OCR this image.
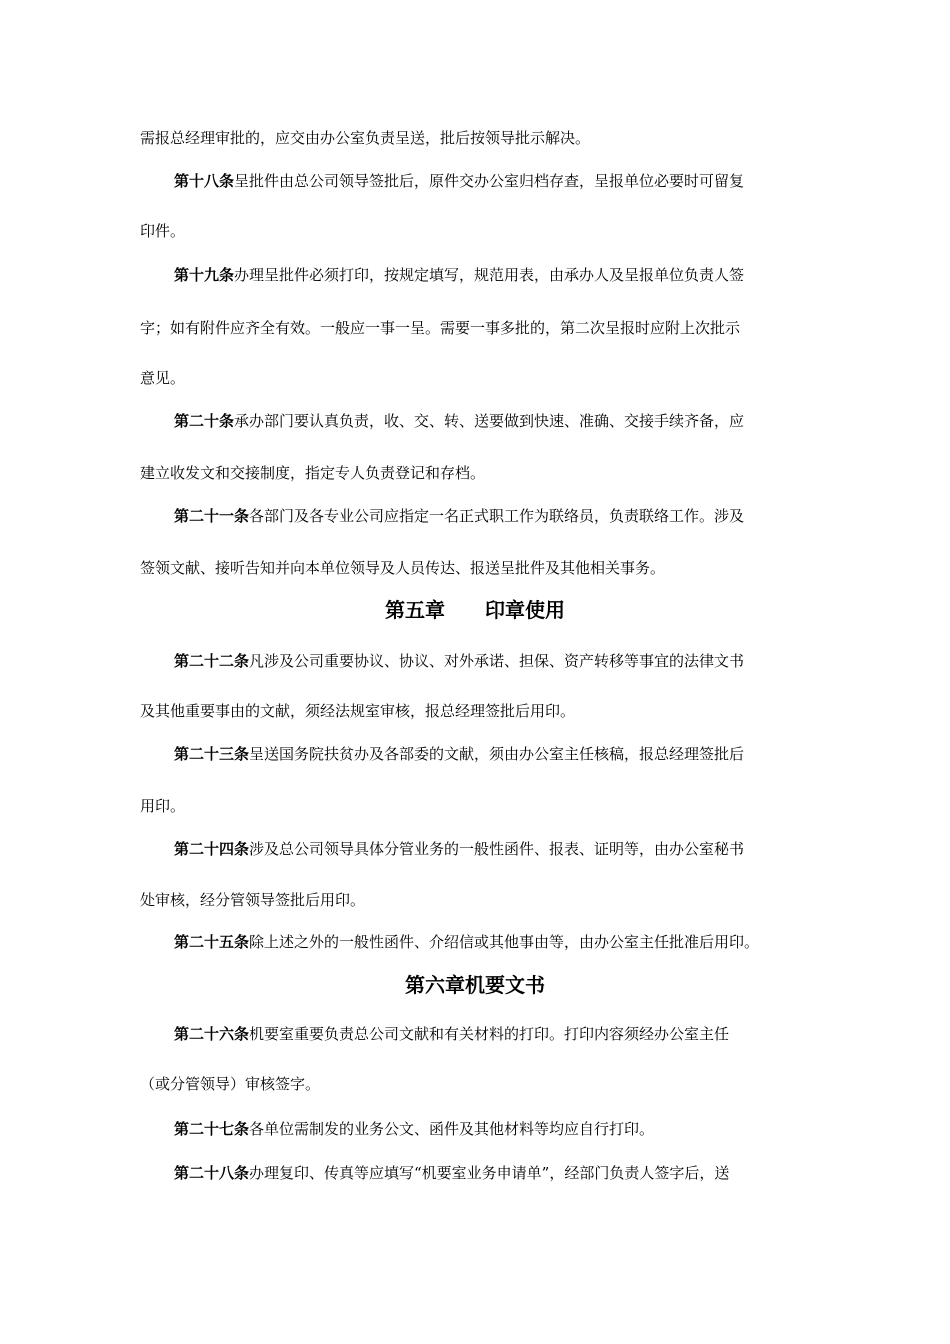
需报总经理审批的，应交由办公室负责呈送，批后按领导批示解决。
第十八条呈批件由总公司领导签批后，原件交办公室归档存查，呈报单位必要时可留复
印件。
第十九条办理呈批件必须打印，按规定填写，规范用表，由承办人及呈报单位负责人签
字；如有附件应齐全有效。一般应一事一呈。需要一事多批的，第二次呈报时应附上次批示
意见。
第二十条承办部门要认真负责，收、交、转、送要做到快速、准确、交接手续齐备，应
建立收发文和交接制度，指定专人负责登记和存档。
第二十一条各部门及各专业公司应指定一名正式职工作为联络员，负责联络工作。涉及
签领文献、接听告知并向本单位领导及人员传达、报送呈批件及其他相关事务。
第五章　　印章使用
第二十二条凡涉及公司重要协议、协议、对外承诺、担保、资产转移等事宜的法律文书
及其他重要事由的文献，须经法规室审核，报总经理签批后用印。
第二十三条呈送国务院扶贫办及各部委的文献，须由办公室主任核稿，报总经理签批后
用印。
第二十四条涉及总公司领导具体分管业务的一般性函件、报表、证明等，由办公室秘书
处审核，经分管领导签批后用印。
第二十五条除上述之外的一般性函件、介绍信或其他事由等，由办公室主任批准后用印。
第六章机要文书
第二十六条机要室重要负责总公司文献和有关材料的打印。打印内容须经办公室主任
（或分管领导）审核签字。
第二十七条各单位需制发的业务公文、函件及其他材料等均应自行打印。
第二十八条办理复印、传真等应填写“机要室业务申请单”，经部门负责人签字后，送
